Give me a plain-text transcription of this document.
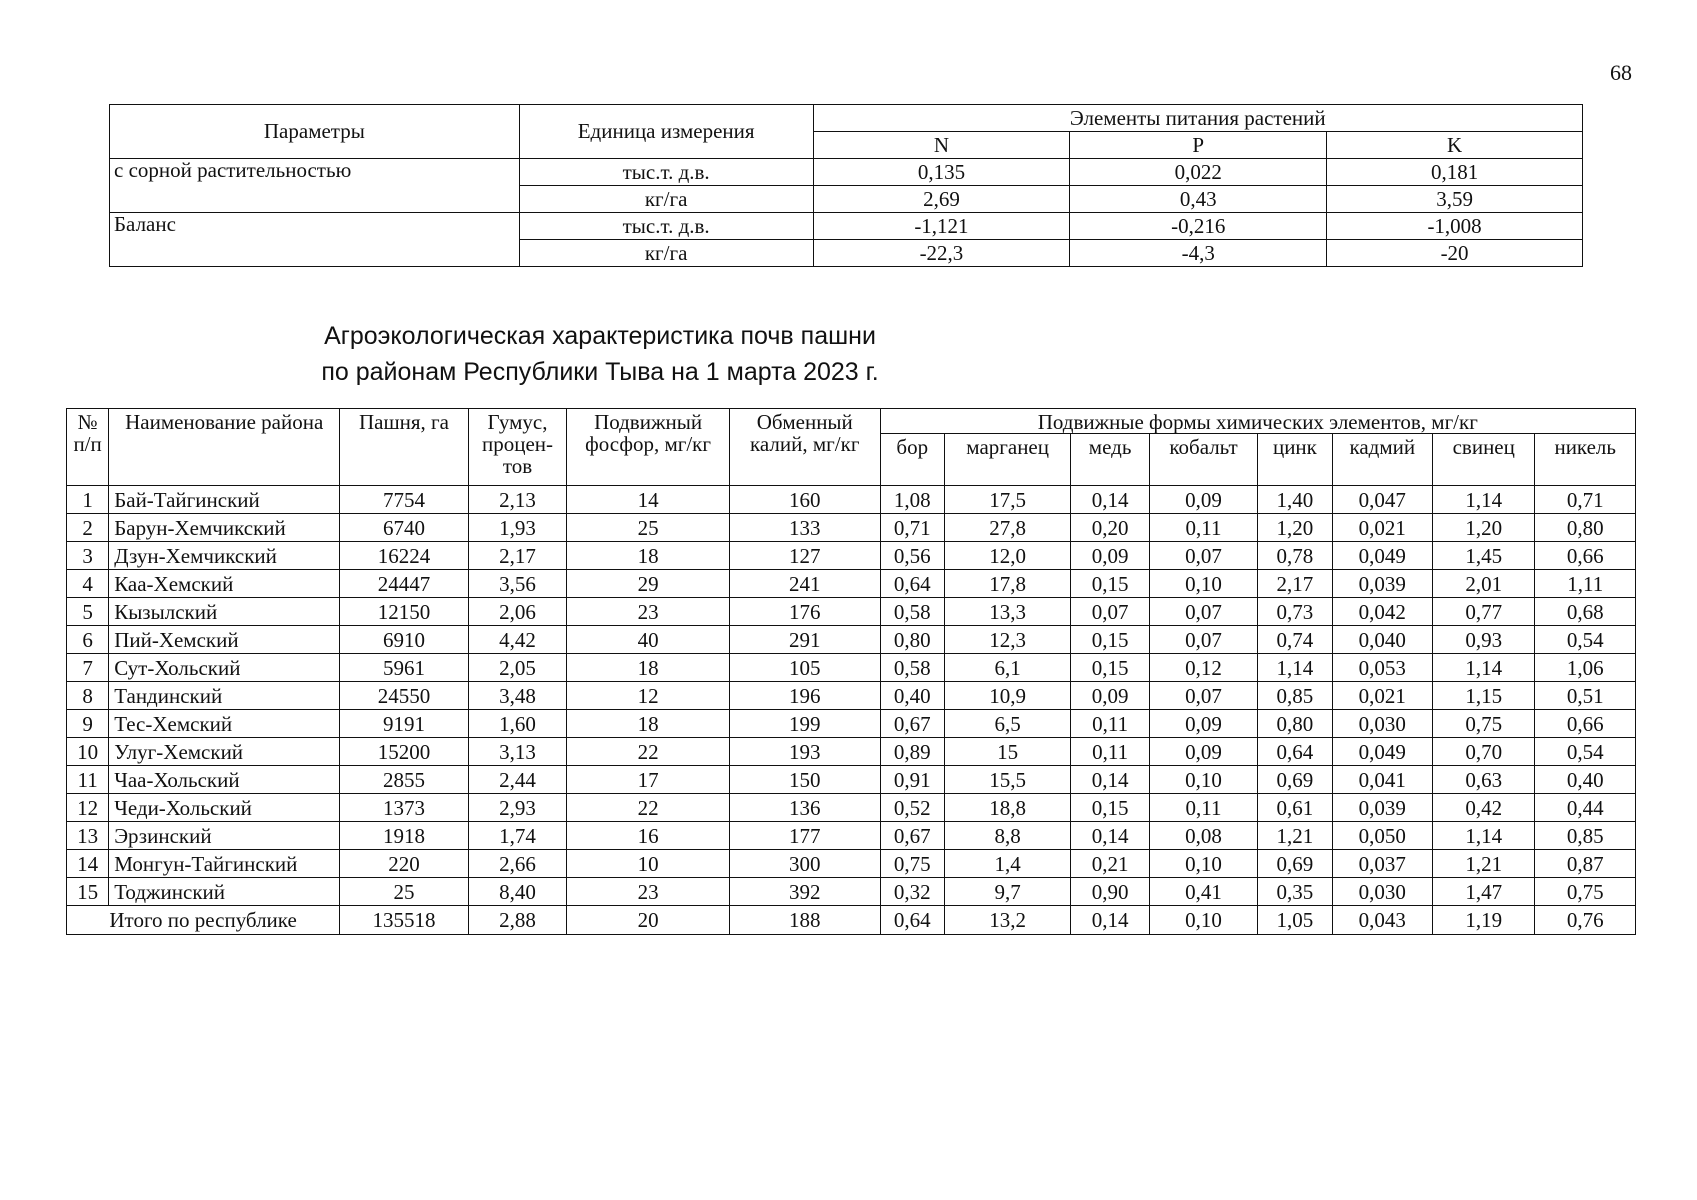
68
Параметры	Единица измерения	Элементы питания растений		
		N	P	K
с сорной растительностью	тыс.т. д.в.	0,135	0,022	0,181
	кг/га	2,69	0,43	3,59
Баланс	тыс.т. д.в.	-1,121	-0,216	-1,008
	кг/га	-22,3	-4,3	-20
Агроэкологическая характеристика почв пашни
по районам Республики Тыва на 1 марта 2023 г.
№ п/п	Наименование района	Пашня, га	Гумус, процен-тов	Подвижный фосфор, мг/кг	Обменный калий, мг/кг	Подвижные формы химических элементов, мг/кг							
						бор	марганец	медь	кобальт	цинк	кадмий	свинец	никель
1	Бай-Тайгинский	7754	2,13	14	160	1,08	17,5	0,14	0,09	1,40	0,047	1,14	0,71
2	Барун-Хемчикский	6740	1,93	25	133	0,71	27,8	0,20	0,11	1,20	0,021	1,20	0,80
3	Дзун-Хемчикский	16224	2,17	18	127	0,56	12,0	0,09	0,07	0,78	0,049	1,45	0,66
4	Каа-Хемский	24447	3,56	29	241	0,64	17,8	0,15	0,10	2,17	0,039	2,01	1,11
5	Кызылский	12150	2,06	23	176	0,58	13,3	0,07	0,07	0,73	0,042	0,77	0,68
6	Пий-Хемский	6910	4,42	40	291	0,80	12,3	0,15	0,07	0,74	0,040	0,93	0,54
7	Сут-Хольский	5961	2,05	18	105	0,58	6,1	0,15	0,12	1,14	0,053	1,14	1,06
8	Тандинский	24550	3,48	12	196	0,40	10,9	0,09	0,07	0,85	0,021	1,15	0,51
9	Тес-Хемский	9191	1,60	18	199	0,67	6,5	0,11	0,09	0,80	0,030	0,75	0,66
10	Улуг-Хемский	15200	3,13	22	193	0,89	15	0,11	0,09	0,64	0,049	0,70	0,54
11	Чаа-Хольский	2855	2,44	17	150	0,91	15,5	0,14	0,10	0,69	0,041	0,63	0,40
12	Чеди-Хольский	1373	2,93	22	136	0,52	18,8	0,15	0,11	0,61	0,039	0,42	0,44
13	Эрзинский	1918	1,74	16	177	0,67	8,8	0,14	0,08	1,21	0,050	1,14	0,85
14	Монгун-Тайгинский	220	2,66	10	300	0,75	1,4	0,21	0,10	0,69	0,037	1,21	0,87
15	Тоджинский	25	8,40	23	392	0,32	9,7	0,90	0,41	0,35	0,030	1,47	0,75
Итого по республике		135518	2,88	20	188	0,64	13,2	0,14	0,10	1,05	0,043	1,19	0,76
